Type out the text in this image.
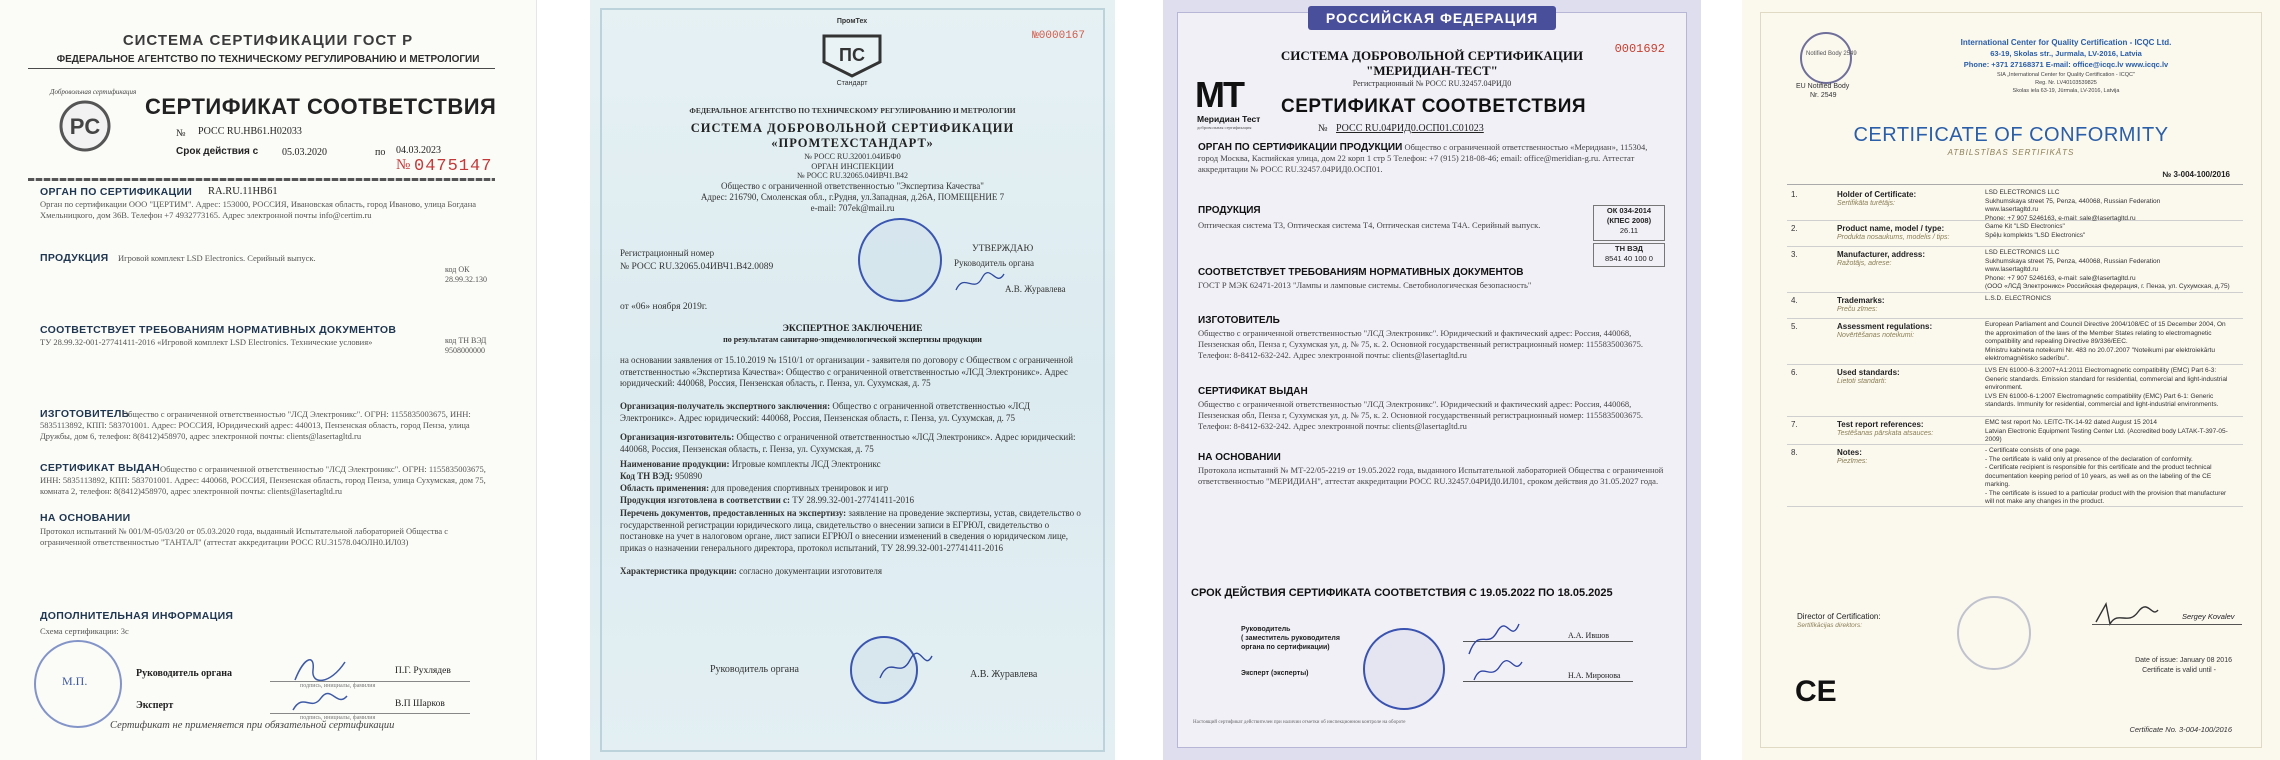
СИСТЕМА СЕРТИФИКАЦИИ ГОСТ Р
ФЕДЕРАЛЬНОЕ АГЕНТСТВО ПО ТЕХНИЧЕСКОМУ РЕГУЛИРОВАНИЮ И МЕТРОЛОГИИ
Добровольная сертификация
PC
СЕРТИФИКАТ СООТВЕТСТВИЯ
№ РОСС RU.НВ61.Н02033
Срок действия с 05.03.2020	по 04.03.2023
№ 0475147
ОРГАН ПО СЕРТИФИКАЦИИ RA.RU.11НВ61
Орган по сертификации ООО "ЦЕРТИМ". Адрес: 153000, РОССИЯ, Ивановская область, город Иваново, улица Богдана Хмельницкого, дом 36В. Телефон +7 4932773165. Адрес электронной почты info@certim.ru
ПРОДУКЦИЯ Игровой комплект LSD Electronics. Серийный выпуск.
код ОК
28.99.32.130
СООТВЕТСТВУЕТ ТРЕБОВАНИЯМ НОРМАТИВНЫХ ДОКУМЕНТОВ
ТУ 28.99.32-001-27741411-2016 «Игровой комплект LSD Electronics. Технические условия»	код ТН ВЭД
9508000000
ИЗГОТОВИТЕЛЬ
Общество с ограниченной ответственностью "ЛСД Электроникс". ОГРН: 1155835003675, ИНН: 5835113892, КПП: 583701001. Адрес: РОССИЯ, Юридический адрес: 440013, Пензенская область, город Пенза, улица Дружбы, дом 6, телефон: 8(8412)458970, адрес электронной почты: clients@lasertagltd.ru
СЕРТИФИКАТ ВЫДАН Общество с ограниченной ответственностью "ЛСД Электроникс". ОГРН: 1155835003675, ИНН: 5835113892, КПП: 583701001. Адрес: 440068, РОССИЯ, Пензенская область, город Пенза, улица Сухумская, дом 75, комната 2, телефон: 8(8412)458970, адрес электронной почты: clients@lasertagltd.ru
НА ОСНОВАНИИ
Протокол испытаний № 001/M-05/03/20 от 05.03.2020 года, выданный Испытательной лабораторией Общества с ограниченной ответственностью "ТАНТАЛ" (аттестат аккредитации РОСС RU.31578.04ОЛН0.ИЛ03)
ДОПОЛНИТЕЛЬНАЯ ИНФОРМАЦИЯ
Схема сертификации: 3с
М.П.
Руководитель органа	П.Г. Рухлядев
подпись, инициалы, фамилия
Эксперт	В.П Шарков
подпись, инициалы, фамилия
Сертификат не применяется при обязательной сертификации
ПромТех
ПС
Стандарт
№0000167
ФЕДЕРАЛЬНОЕ АГЕНТСТВО ПО ТЕХНИЧЕСКОМУ РЕГУЛИРОВАНИЮ И МЕТРОЛОГИИ
СИСТЕМА ДОБРОВОЛЬНОЙ СЕРТИФИКАЦИИ
«ПРОМТЕХСТАНДАРТ»
№ РОСС RU.32001.04ИБФ0
ОРГАН ИНСПЕКЦИИ
№ РОСС RU.32065.04ИВЧ1.В42
Общество с ограниченной ответственностью "Экспертиза Качества"
Адрес: 216790, Смоленская обл., г.Рудня, ул.Западная, д.26А, ПОМЕЩЕНИЕ 7
e-mail: 707ek@mail.ru
Регистрационный номер
№ РОСС RU.32065.04ИВЧ1.В42.0089
УТВЕРЖДАЮ
Руководитель органа
А.В. Журавлева
от «06» ноября 2019г.
ЭКСПЕРТНОЕ ЗАКЛЮЧЕНИЕ
по результатам санитарно-эпидемиологической экспертизы продукции
на основании заявления от 15.10.2019 № 1510/1 от организации - заявителя по договору с Обществом с ограниченной ответственностью «Экспертиза Качества»: Общество с ограниченной ответственностью «ЛСД Электроникс». Адрес юридический: 440068, Россия, Пензенская область, г. Пенза, ул. Сухумская, д. 75
Организация-получатель экспертного заключения: Общество с ограниченной ответственностью «ЛСД Электроникс». Адрес юридический: 440068, Россия, Пензенская область, г. Пенза, ул. Сухумская, д. 75
Организация-изготовитель: Общество с ограниченной ответственностью «ЛСД Электроникс». Адрес юридический: 440068, Россия, Пензенская область, г. Пенза, ул. Сухумская, д. 75
Наименование продукции: Игровые комплекты ЛСД Электроникс
Код ТН ВЭД: 950890
Область применения: для проведения спортивных тренировок и игр
Продукция изготовлена в соответствии с: ТУ 28.99.32-001-27741411-2016
Перечень документов, предоставленных на экспертизу: заявление на проведение экспертизы, устав, свидетельство о государственной регистрации юридического лица, свидетельство о внесении записи в ЕГРЮЛ, свидетельство о постановке на учет в налоговом органе, лист записи ЕГРЮЛ о внесении изменений в сведения о юридическом лице, приказ о назначении генерального директора, протокол испытаний, ТУ 28.99.32-001-27741411-2016
Характеристика продукции: согласно документации изготовителя
Руководитель органа	А.В. Журавлева
РОССИЙСКАЯ ФЕДЕРАЦИЯ
0001692
СИСТЕМА ДОБРОВОЛЬНОЙ СЕРТИФИКАЦИИ
"МЕРИДИАН-ТЕСТ"
Регистрационный № РОСС RU.32457.04РИД0
МТ
Меридиан Тест
добровольная сертификация
СЕРТИФИКАТ СООТВЕТСТВИЯ
№ РОСС RU.04РИД0.ОСП01.С01023
ОРГАН ПО СЕРТИФИКАЦИИ ПРОДУКЦИИ Общество с ограниченной ответственностью «Меридиан», 115304, город Москва, Каспийская улица, дом 22 корп 1 стр 5 Телефон: +7 (915) 218-08-46; email: office@meridian-g.ru. Аттестат аккредитации № РОСС RU.32457.04РИД0.ОСП01.
ПРОДУКЦИЯ
Оптическая система Т3, Оптическая система Т4, Оптическая система Т4А. Серийный выпуск.
ОК 034-2014
(КПЕС 2008)
26.11
ТН ВЭД
8541 40 100 0
СООТВЕТСТВУЕТ ТРЕБОВАНИЯМ НОРМАТИВНЫХ ДОКУМЕНТОВ
ГОСТ Р МЭК 62471-2013 "Лампы и ламповые системы. Светобиологическая безопасность"
ИЗГОТОВИТЕЛЬ
Общество с ограниченной ответственностью "ЛСД Электроникс". Юридический и фактический адрес: Россия, 440068, Пензенская обл, Пенза г, Сухумская ул, д. № 75, к. 2. Основной государственный регистрационный номер: 1155835003675. Телефон: 8-8412-632-242. Адрес электронной почты: clients@lasertagltd.ru
СЕРТИФИКАТ ВЫДАН
Общество с ограниченной ответственностью "ЛСД Электроникс". Юридический и фактический адрес: Россия, 440068, Пензенская обл, Пенза г, Сухумская ул, д. № 75, к. 2. Основной государственный регистрационный номер: 1155835003675. Телефон: 8-8412-632-242. Адрес электронной почты: clients@lasertagltd.ru
НА ОСНОВАНИИ
Протокола испытаний № МТ-22/05-2219 от 19.05.2022 года, выданного Испытательной лабораторией Общества с ограниченной ответственностью "МЕРИДИАН", аттестат аккредитации РОСС RU.32457.04РИД0.ИЛ01, сроком действия до 31.05.2027 года.
СРОК ДЕЙСТВИЯ СЕРТИФИКАТА СООТВЕТСТВИЯ С 19.05.2022 ПО 18.05.2025
Руководитель
( заместитель руководителя
органа по сертификации)
А.А. Ившов
Эксперт (эксперты)	Н.А. Миронова
Настоящий сертификат действителен при наличии отметки об инспекционном контроле на обороте
Notified Body 2549
EU Notified Body
Nr. 2549
International Center for Quality Certification - ICQC Ltd.
63-19, Skolas str., Jurmala, LV-2016, Latvia
Phone: +371 27168371 E-mail: office@icqc.lv www.icqc.lv
SIA „International Center for Quality Certification - ICQC"
Reg. Nr. LV40103539825
Skolas iela 63-19, Jūrmala, LV-2016, Latvija
CERTIFICATE OF CONFORMITY
ATBILSTĪBAS SERTIFIKĀTS
№ 3-004-100/2016
1.	Holder of Certificate:
Sertifikāta turētājs:
LSD ELECTRONICS LLC
Sukhumskaya street 75, Penza, 440068, Russian Federation
www.lasertagltd.ru
Phone: +7 907 5246163, e-mail: sale@lasertagltd.ru
2.	Product name, model / type:
Produkta nosaukums, modelis / tips:
Game Kit "LSD Electronics"
Spēļu komplekts "LSD Electronics"
3.	Manufacturer, address:
Ražotājs, adrese:
LSD ELECTRONICS LLC
Sukhumskaya street 75, Penza, 440068, Russian Federation
www.lasertagltd.ru
Phone: +7 907 5246163, e-mail: sale@lasertagltd.ru
(ООО «ЛСД Электроникс» Российская федерация, г. Пенза, ул. Сухумская, д.75)
4.	Trademarks:
Preču zīmes:
L.S.D. ELECTRONICS
5.	Assessment regulations:
Novērtēšanas noteikumi:
European Parliament and Council Directive 2004/108/EC of 15 December 2004, On the approximation of the laws of the Member States relating to electromagnetic compatibility and repealing Directive 89/336/EEC.
Ministru kabineta noteikumi Nr. 483 no 20.07.2007 "Noteikumi par elektroiekārtu elektromagnētisko saderību".
6.	Used standards:
Lietoti standarti:
LVS EN 61000-6-3:2007+A1:2011 Electromagnetic compatibility (EMC) Part 6-3: Generic standards. Emission standard for residential, commercial and light-industrial environment.
LVS EN 61000-6-1:2007 Electromagnetic compatibility (EMC) Part 6-1: Generic standards. Immunity for residential, commercial and light-industrial environments.
7.	Test report references:
Testēšanas pārskata atsauces:
EMC test report No. LEITC-TK-14-92 dated August 15 2014
Latvian Electronic Equipment Testing Center Ltd. (Accredited body LATAK-T-397-05-2009)
8.	Notes:
Piezīmes:
- Certificate consists of one page.
- The certificate is valid only at presence of the declaration of conformity.
- Certificate recipient is responsible for this certificate and the product technical documentation keeping period of 10 years, as well as on the labeling of the CE marking.
- The certificate is issued to a particular product with the provision that manufacturer will not make any changes in the product.
Director of Certification:
Sertifikācijas direktors:
Sergey Kovalev
CE
Date of issue: January 08 2016
Certificate is valid until -
Certificate No. 3-004-100/2016
